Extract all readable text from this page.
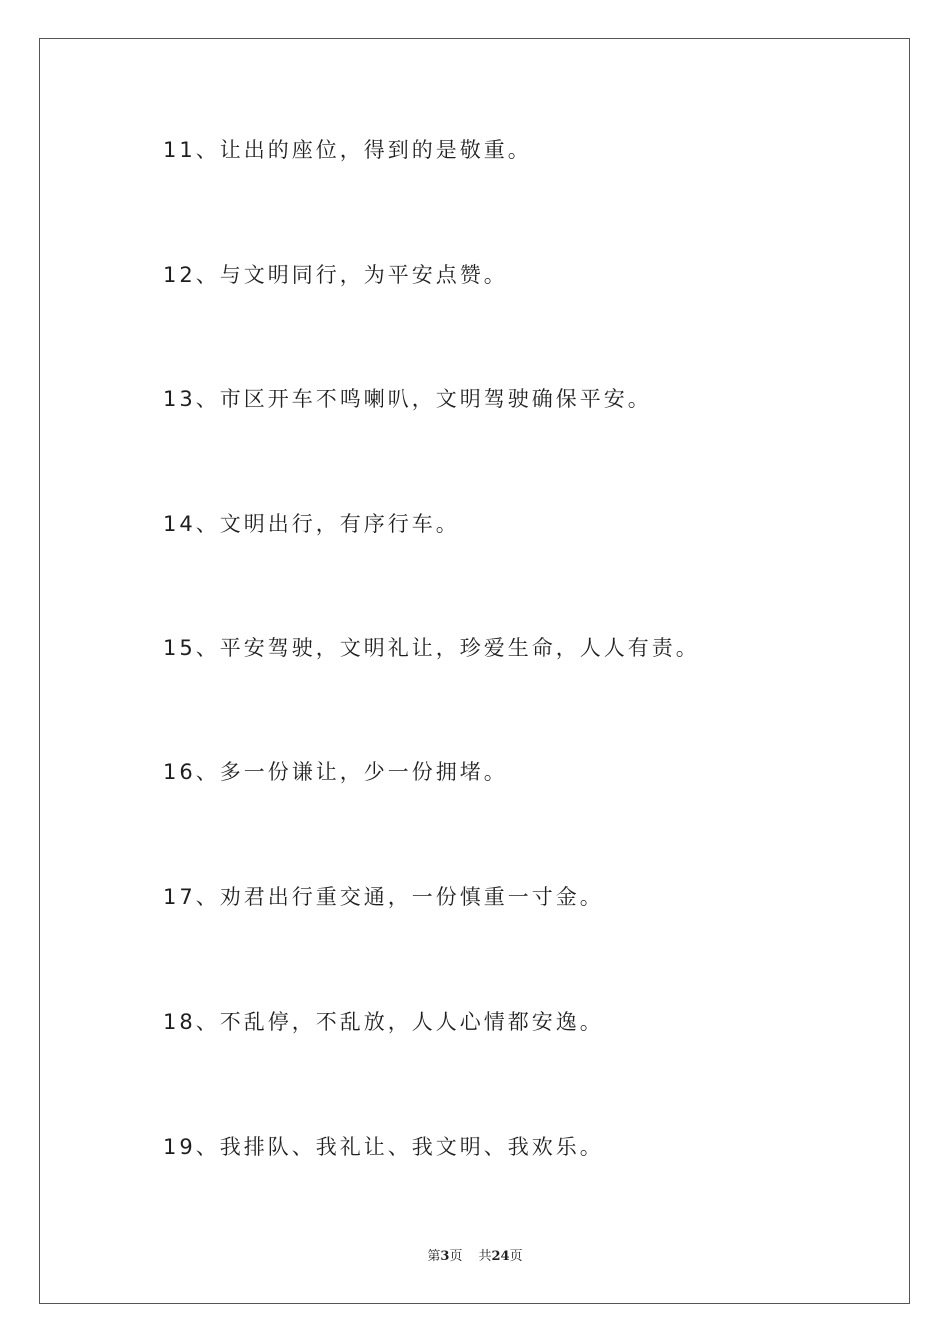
11、让出的座位，得到的是敬重。
12、与文明同行，为平安点赞。
13、市区开车不鸣喇叭，文明驾驶确保平安。
14、文明出行，有序行车。
15、平安驾驶，文明礼让，珍爱生命，人人有责。
16、多一份谦让，少一份拥堵。
17、劝君出行重交通，一份慎重一寸金。
18、不乱停，不乱放，人人心情都安逸。
19、我排队、我礼让、我文明、我欢乐。
第3页 共24页
